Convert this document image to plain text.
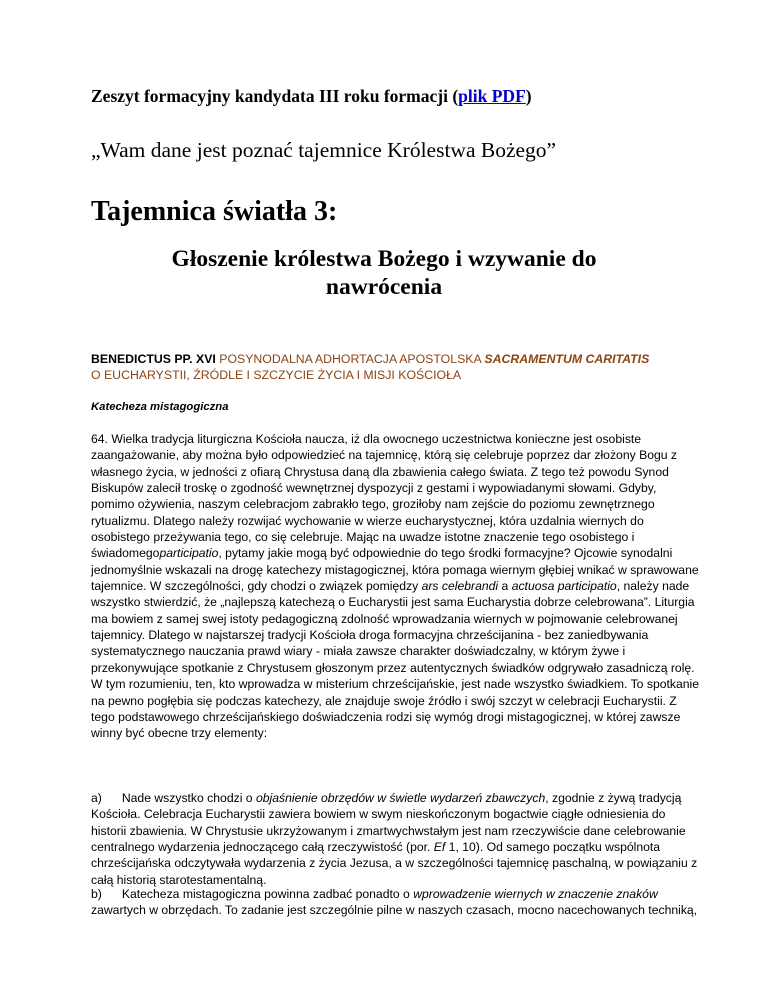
Zeszyt formacyjny kandydata III roku formacji (plik PDF)
„Wam dane jest poznać tajemnice Królestwa Bożego”
Tajemnica światła 3:
Głoszenie królestwa Bożego i wzywanie do
nawrócenia
BENEDICTUS PP. XVI POSYNODALNA ADHORTACJA APOSTOLSKA SACRAMENTUM CARITATIS
O EUCHARYSTII, ŹRÓDLE I SZCZYCIE ŻYCIA I MISJI KOŚCIOŁA
Katecheza mistagogiczna
64. Wielka tradycja liturgiczna Kościoła naucza, iż dla owocnego uczestnictwa konieczne jest osobiste
zaangażowanie, aby można było odpowiedzieć na tajemnicę, którą się celebruje poprzez dar złożony Bogu z
własnego życia, w jedności z ofiarą Chrystusa daną dla zbawienia całego świata. Z tego też powodu Synod
Biskupów zalecił troskę o zgodność wewnętrznej dyspozycji z gestami i wypowiadanymi słowami. Gdyby,
pomimo ożywienia, naszym celebracjom zabrakło tego, groziłoby nam zejście do poziomu zewnętrznego
rytualizmu. Dlatego należy rozwijać wychowanie w wierze eucharystycznej, która uzdalnia wiernych do
osobistego przeżywania tego, co się celebruje. Mając na uwadze istotne znaczenie tego osobistego i
świadomegoparticipatio, pytamy jakie mogą być odpowiednie do tego środki formacyjne? Ojcowie synodalni
jednomyślnie wskazali na drogę katechezy mistagogicznej, która pomaga wiernym głębiej wnikać w sprawowane
tajemnice. W szczególności, gdy chodzi o związek pomiędzy ars celebrandi a actuosa participatio, należy nade
wszystko stwierdzić, że „najlepszą katechezą o Eucharystii jest sama Eucharystia dobrze celebrowana”. Liturgia
ma bowiem z samej swej istoty pedagogiczną zdolność wprowadzania wiernych w pojmowanie celebrowanej
tajemnicy. Dlatego w najstarszej tradycji Kościoła droga formacyjna chrześcijanina - bez zaniedbywania
systematycznego nauczania prawd wiary - miała zawsze charakter doświadczalny, w którym żywe i
przekonywujące spotkanie z Chrystusem głoszonym przez autentycznych świadków odgrywało zasadniczą rolę.
W tym rozumieniu, ten, kto wprowadza w misterium chrześcijańskie, jest nade wszystko świadkiem. To spotkanie
na pewno pogłębia się podczas katechezy, ale znajduje swoje źródło i swój szczyt w celebracji Eucharystii. Z
tego podstawowego chrześcijańskiego doświadczenia rodzi się wymóg drogi mistagogicznej, w której zawsze
winny być obecne trzy elementy:
a) Nade wszystko chodzi o objaśnienie obrzędów w świetle wydarzeń zbawczych, zgodnie z żywą tradycją
Kościoła. Celebracja Eucharystii zawiera bowiem w swym nieskończonym bogactwie ciągłe odniesienia do
historii zbawienia. W Chrystusie ukrzyżowanym i zmartwychwstałym jest nam rzeczywiście dane celebrowanie
centralnego wydarzenia jednoczącego całą rzeczywistość (por. Ef 1, 10). Od samego początku wspólnota
chrześcijańska odczytywała wydarzenia z życia Jezusa, a w szczególności tajemnicę paschalną, w powiązaniu z
całą historią starotestamentalną.
b) Katecheza mistagogiczna powinna zadbać ponadto o wprowadzenie wiernych w znaczenie znaków
zawartych w obrzędach. To zadanie jest szczególnie pilne w naszych czasach, mocno nacechowanych techniką,
